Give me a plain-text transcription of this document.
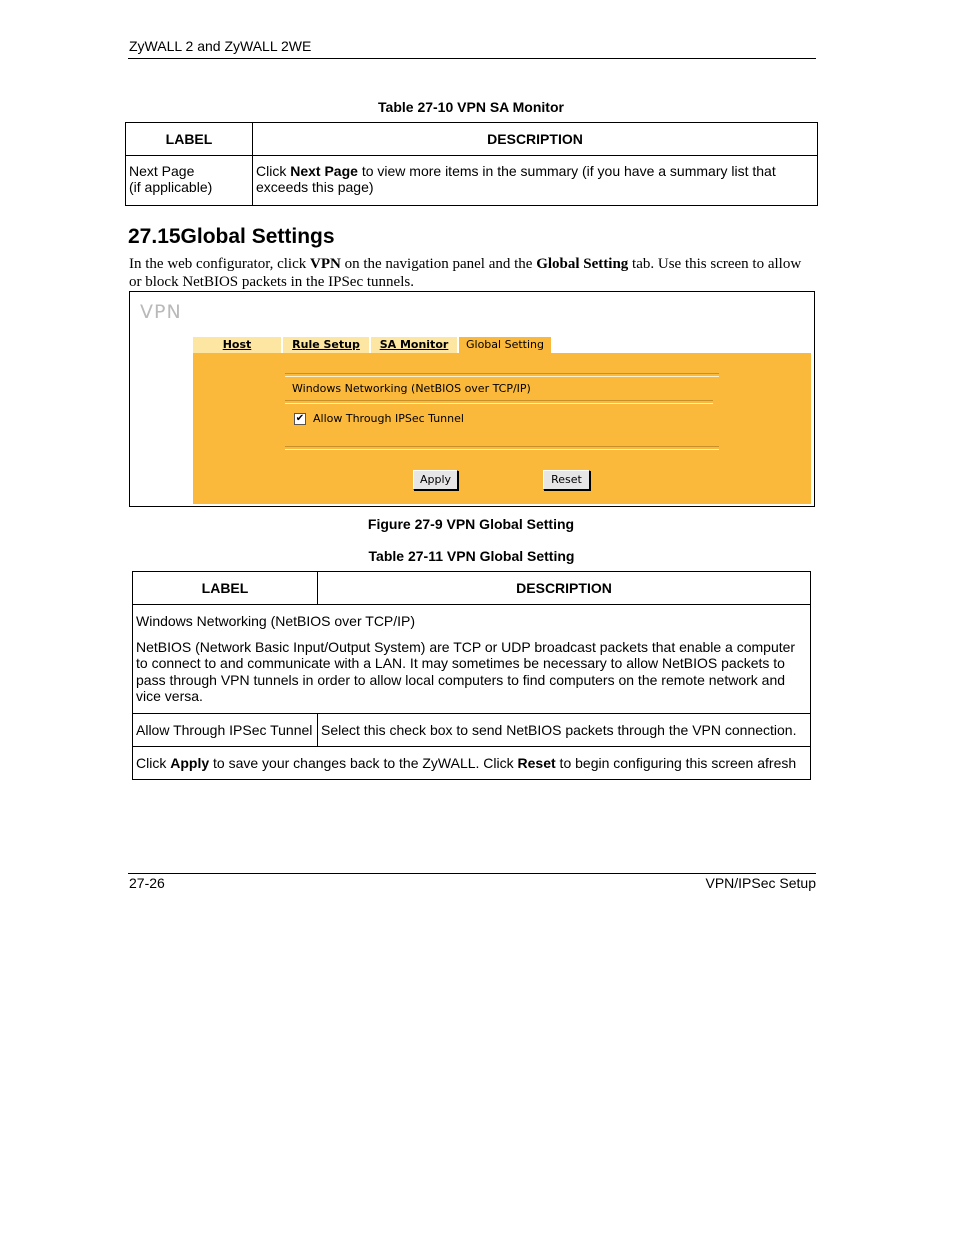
ZyWALL 2 and ZyWALL 2WE
Table 27-10 VPN SA Monitor
LABEL	DESCRIPTION
Next Page
(if applicable)	Click Next Page to view more items in the summary (if you have a summary list that exceeds this page)
27.15Global Settings
In the web configurator, click VPN on the navigation panel and the Global Setting tab. Use this screen to allow or block NetBIOS packets in the IPSec tunnels.
VPN
Host	Rule Setup	SA Monitor	Global Setting
Windows Networking (NetBIOS over TCP/IP)
✔ Allow Through IPSec Tunnel
Apply	Reset
Figure 27-9 VPN Global Setting
Table 27-11 VPN Global Setting
LABEL	DESCRIPTION

Windows Networking (NetBIOS over TCP/IP)
NetBIOS (Network Basic Input/Output System) are TCP or UDP broadcast packets that enable a computer to connect to and communicate with a LAN. It may sometimes be necessary to allow NetBIOS packets to pass through VPN tunnels in order to allow local computers to find computers on the remote network and vice versa.	

Allow Through IPSec Tunnel	Select this check box to send NetBIOS packets through the VPN connection.
Click Apply to save your changes back to the ZyWALL. Click Reset to begin configuring this screen afresh	
27-26	VPN/IPSec Setup
